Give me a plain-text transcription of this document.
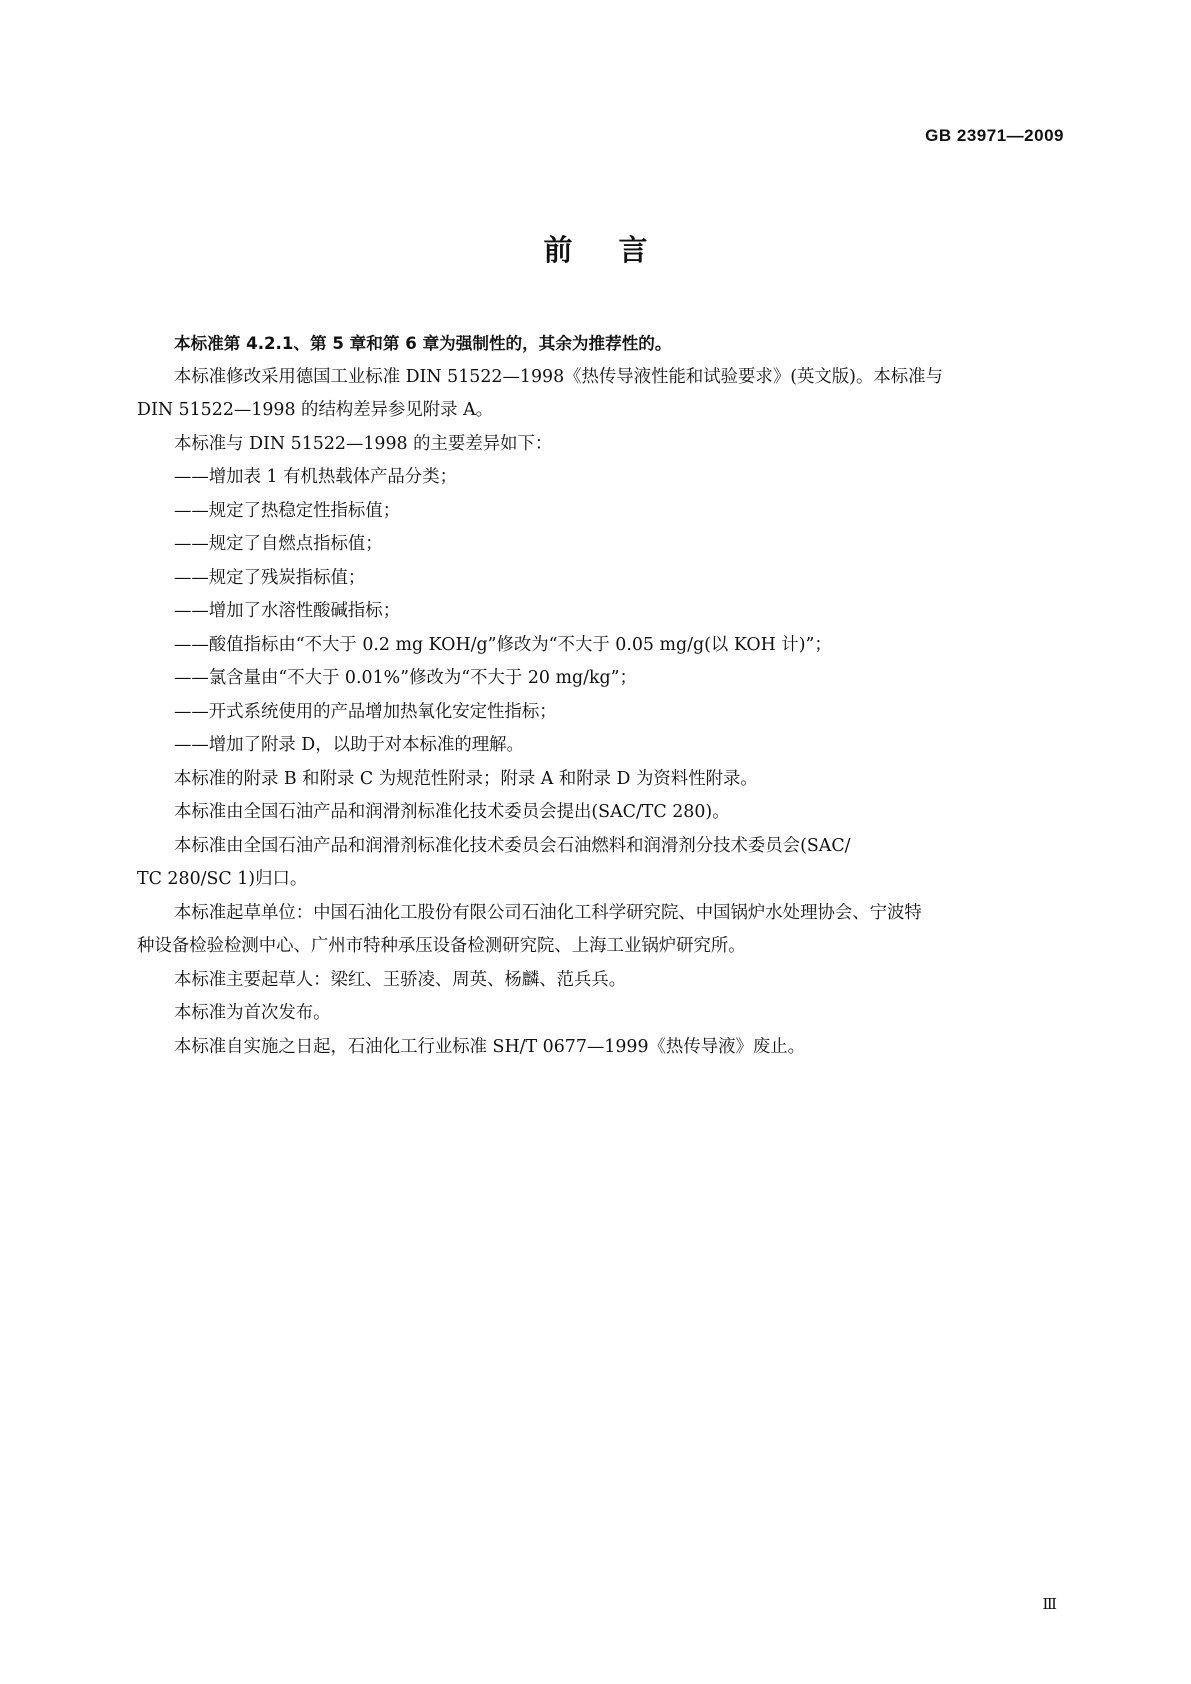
GB 23971—2009
前言

本标准第 4.2.1、第 5 章和第 6 章为强制性的，其余为推荐性的。

本标准修改采用德国工业标准 DIN 51522—1998《热传导液性能和试验要求》(英文版)。本标准与

DIN 51522—1998 的结构差异参见附录 A。

本标准与 DIN 51522—1998 的主要差异如下：

——增加表 1 有机热载体产品分类；

——规定了热稳定性指标值；

——规定了自燃点指标值；

——规定了残炭指标值；

——增加了水溶性酸碱指标；

——酸值指标由“不大于 0.2 mg KOH/g”修改为“不大于 0.05 mg/g(以 KOH 计)”；

——氯含量由“不大于 0.01%”修改为“不大于 20 mg/kg”；

——开式系统使用的产品增加热氧化安定性指标；

——增加了附录 D，以助于对本标准的理解。

本标准的附录 B 和附录 C 为规范性附录；附录 A 和附录 D 为资料性附录。

本标准由全国石油产品和润滑剂标准化技术委员会提出(SAC/TC 280)。

本标准由全国石油产品和润滑剂标准化技术委员会石油燃料和润滑剂分技术委员会(SAC/

TC 280/SC 1)归口。

本标准起草单位：中国石油化工股份有限公司石油化工科学研究院、中国锅炉水处理协会、宁波特

种设备检验检测中心、广州市特种承压设备检测研究院、上海工业锅炉研究所。

本标准主要起草人：梁红、王骄凌、周英、杨麟、范兵兵。

本标准为首次发布。

本标准自实施之日起，石油化工行业标准 SH/T 0677—1999《热传导液》废止。

Ⅲ
